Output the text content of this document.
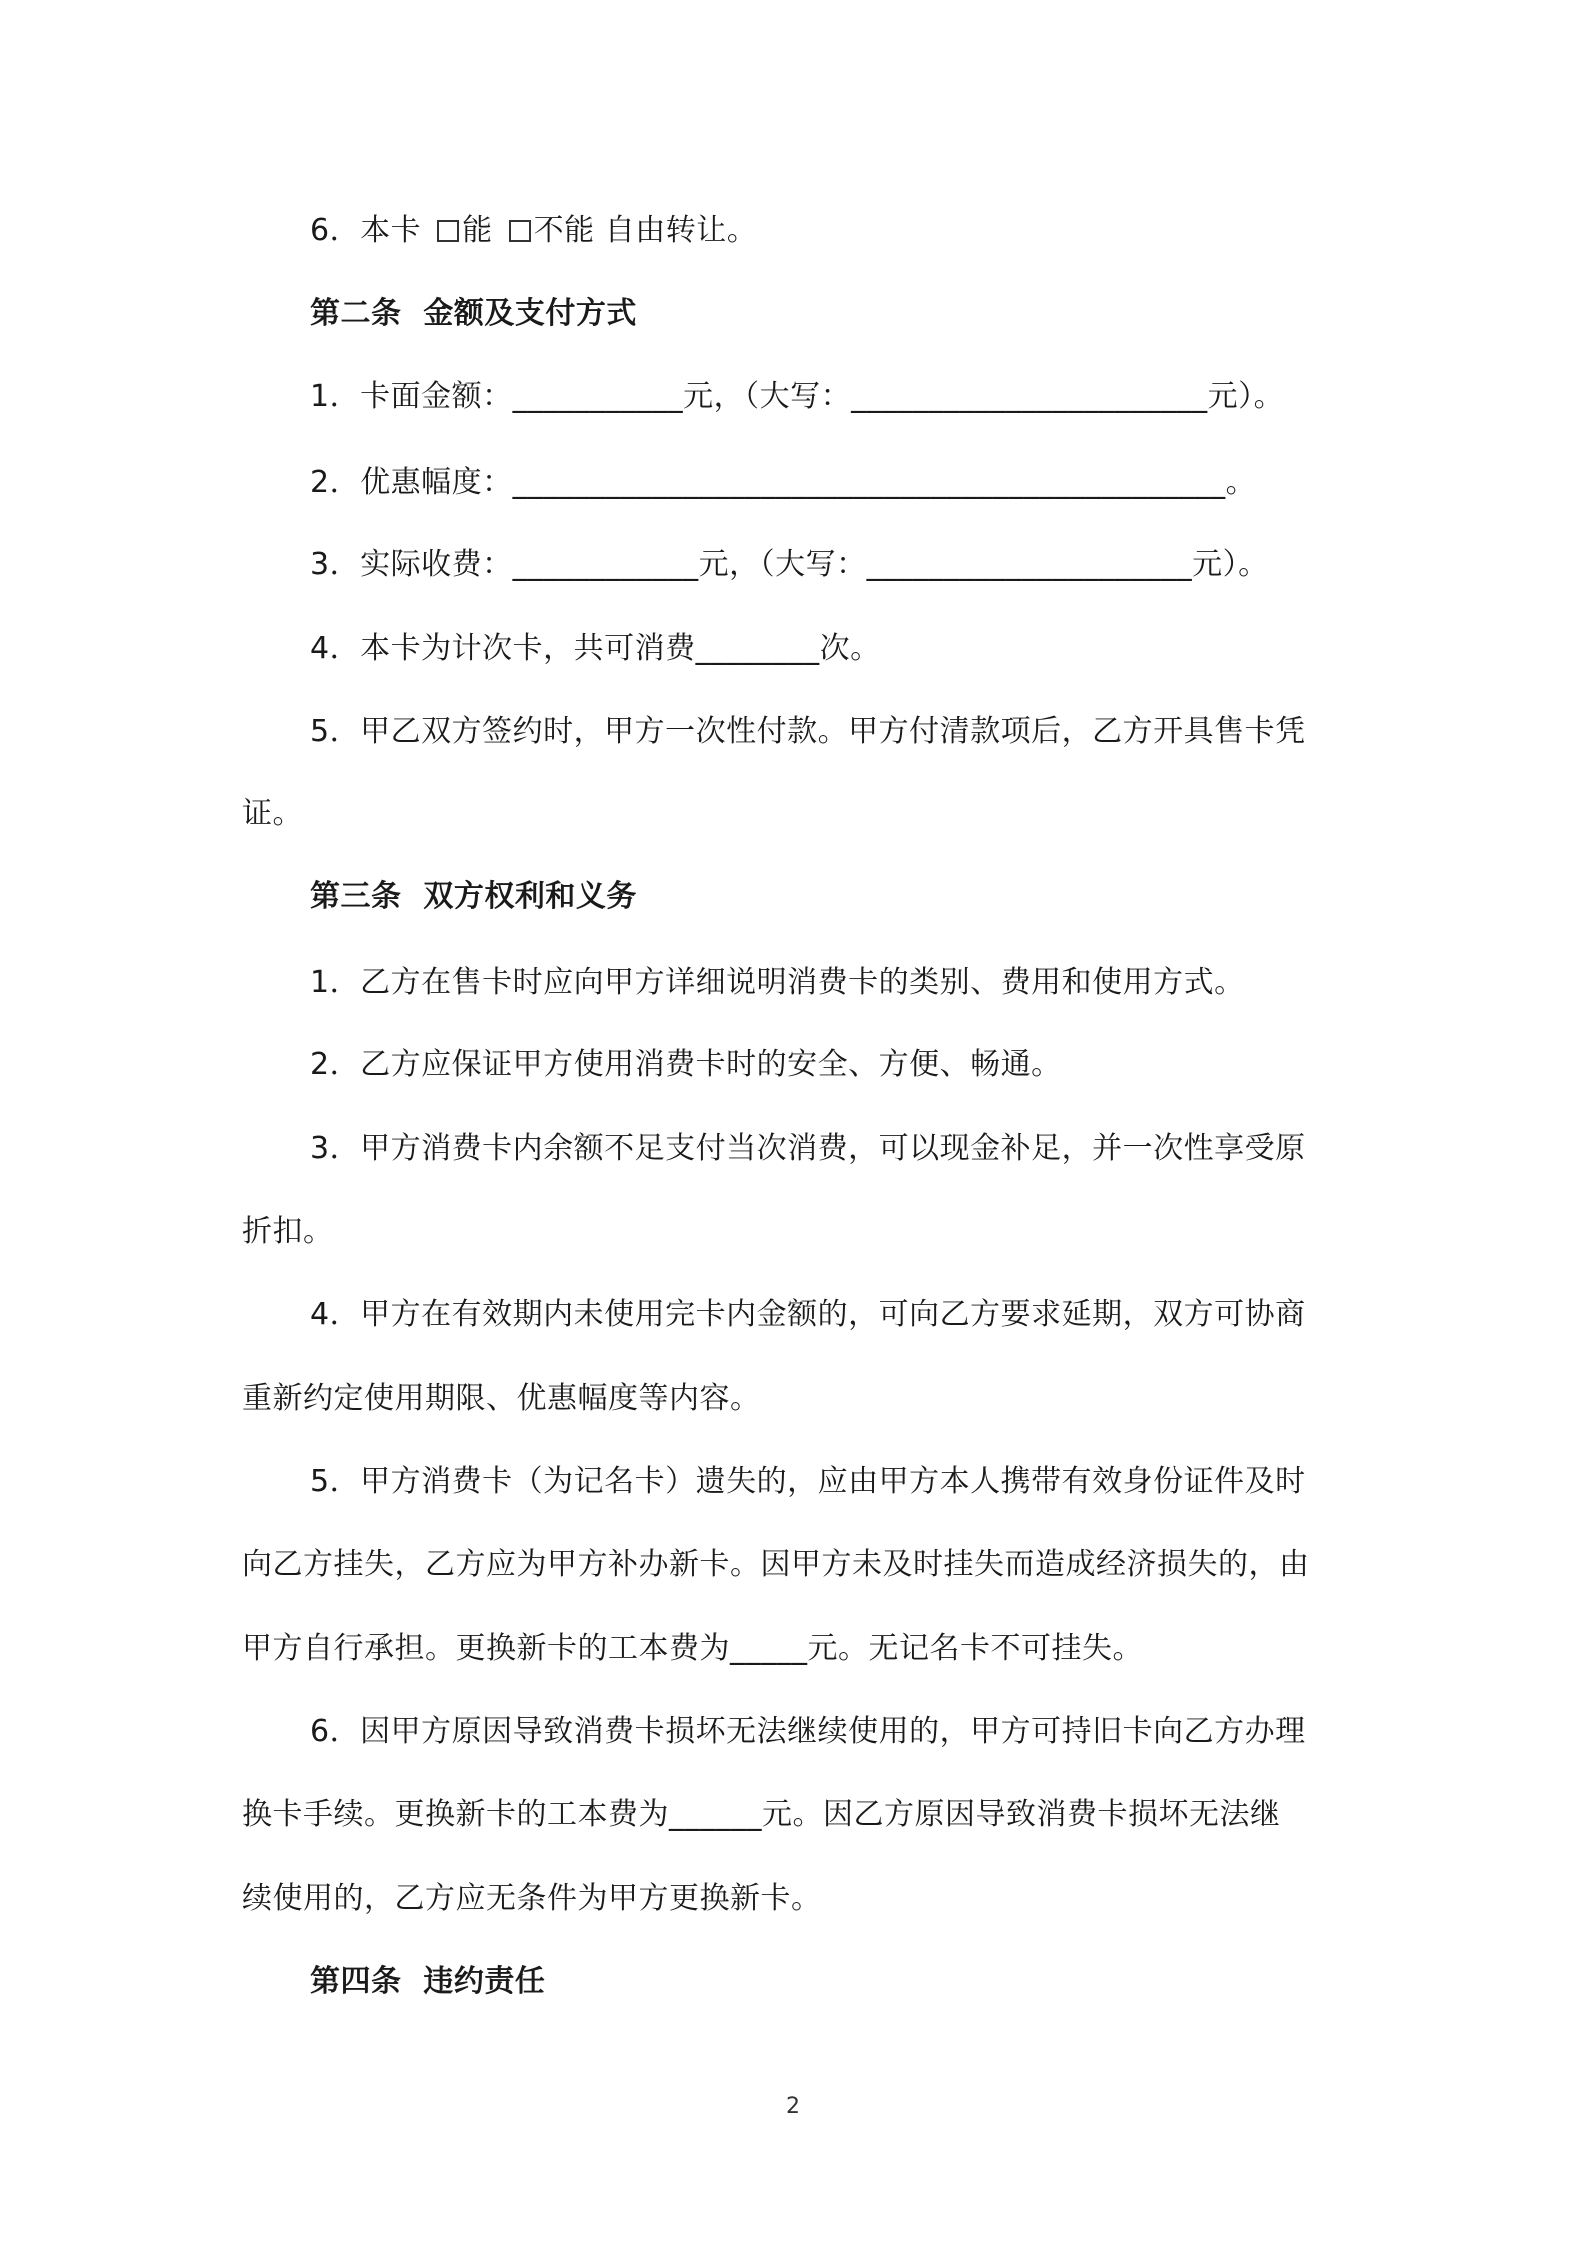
6．本卡 能 不能 自由转让。
第二条  金额及支付方式
1．卡面金额：___________元，（大写：_______________________元）。
2．优惠幅度：______________________________________________。
3．实际收费：____________元，（大写：_____________________元）。
4．本卡为计次卡，共可消费________次。
5．甲乙双方签约时，甲方一次性付款。甲方付清款项后，乙方开具售卡凭
证。
第三条  双方权利和义务
1．乙方在售卡时应向甲方详细说明消费卡的类别、费用和使用方式。
2．乙方应保证甲方使用消费卡时的安全、方便、畅通。
3．甲方消费卡内余额不足支付当次消费，可以现金补足，并一次性享受原
折扣。
4．甲方在有效期内未使用完卡内金额的，可向乙方要求延期，双方可协商
重新约定使用期限、优惠幅度等内容。
5．甲方消费卡（为记名卡）遗失的，应由甲方本人携带有效身份证件及时
向乙方挂失，乙方应为甲方补办新卡。因甲方未及时挂失而造成经济损失的，由
甲方自行承担。更换新卡的工本费为_____元。无记名卡不可挂失。
6．因甲方原因导致消费卡损坏无法继续使用的，甲方可持旧卡向乙方办理
换卡手续。更换新卡的工本费为______元。因乙方原因导致消费卡损坏无法继
续使用的，乙方应无条件为甲方更换新卡。
第四条  违约责任
2
